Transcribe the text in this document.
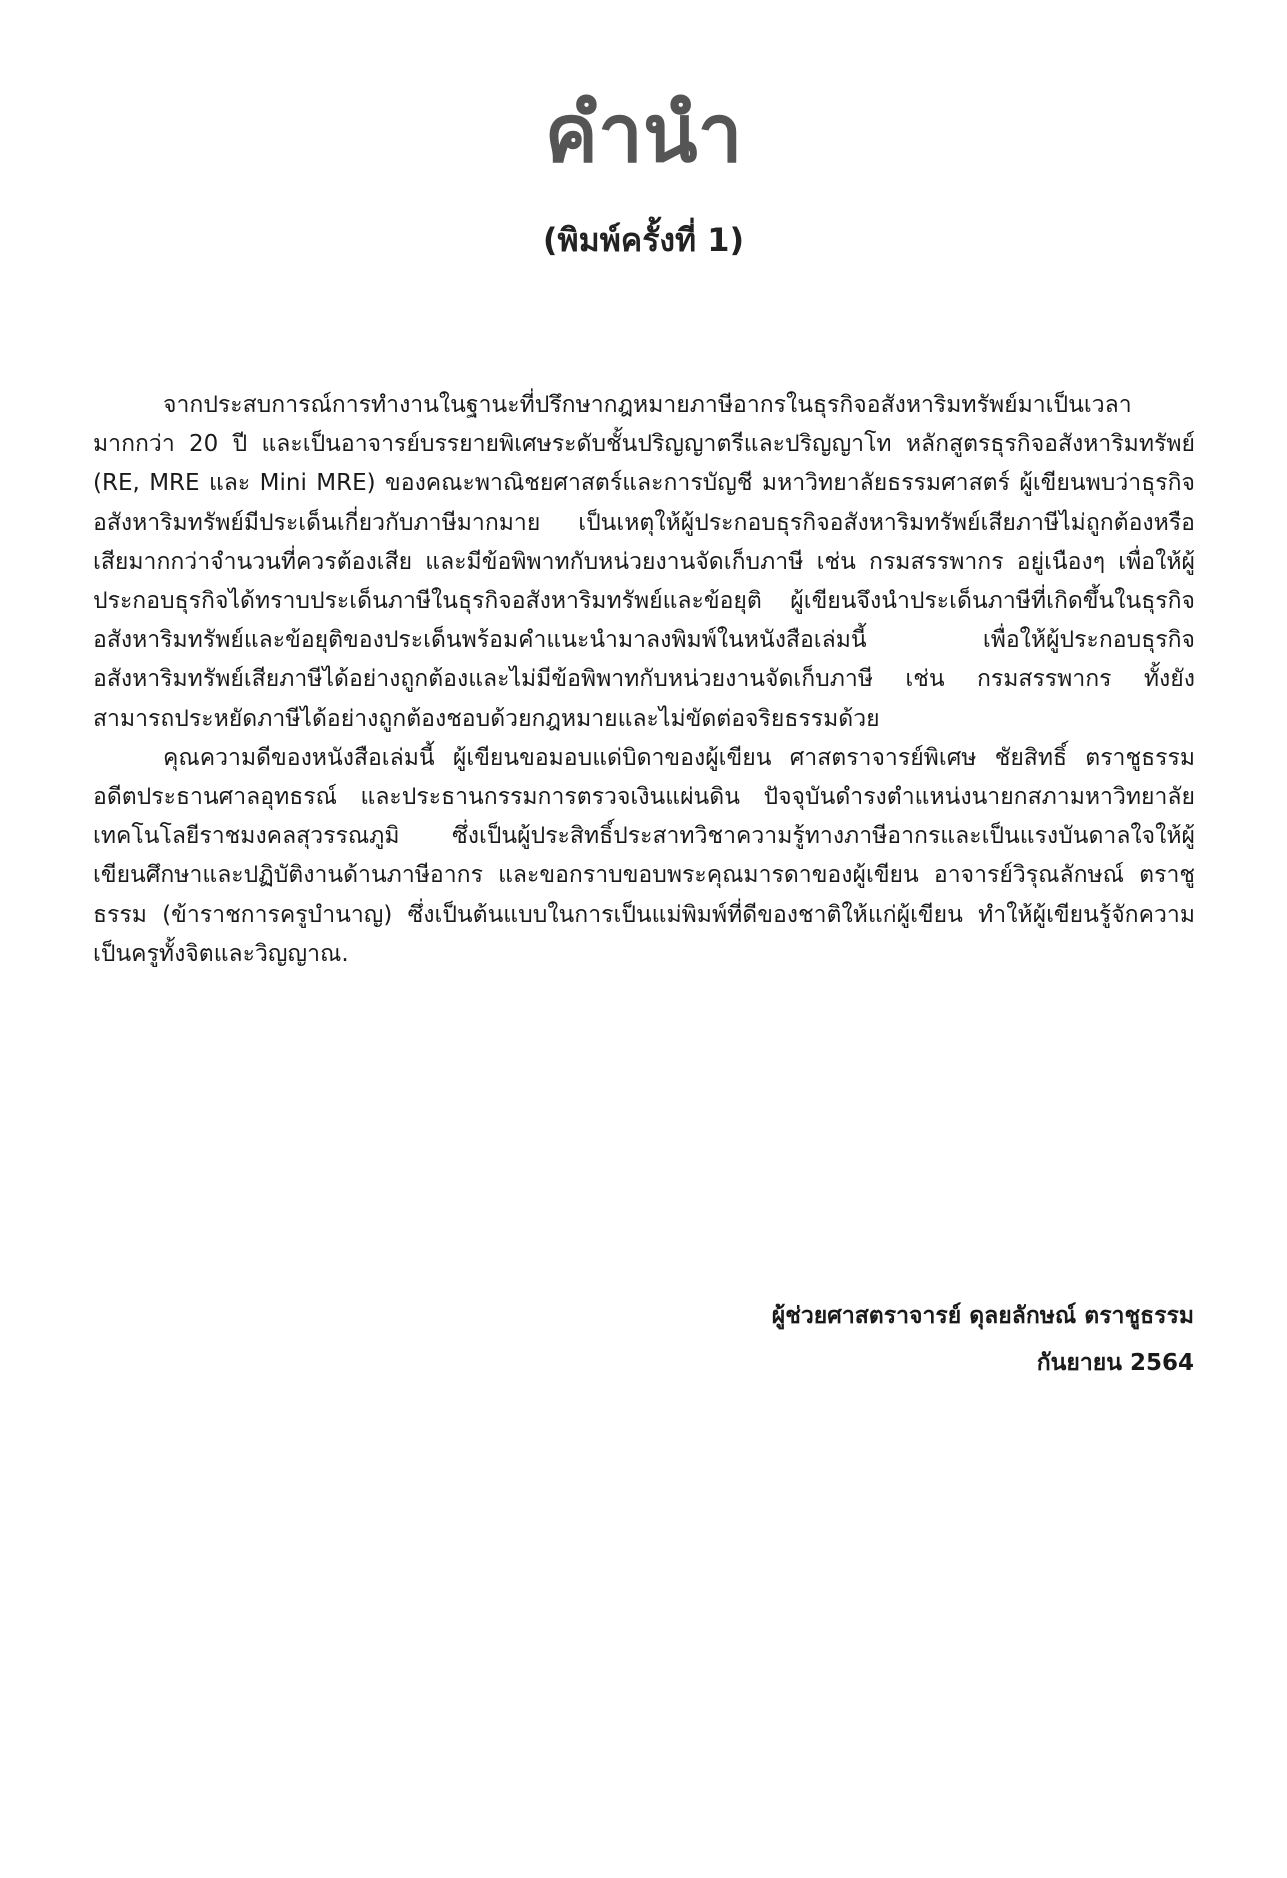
คำนำ
(พิมพ์ครั้งที่ 1)

จากประสบการณ์การทำงานในฐานะที่ปรึกษากฎหมายภาษีอากรในธุรกิจอสังหาริมทรัพย์มาเป็นเวลามากกว่า 20 ปี และเป็นอาจารย์บรรยายพิเศษระดับชั้นปริญญาตรีและปริญญาโท หลักสูตรธุรกิจอสังหาริมทรัพย์ (RE, MRE และ Mini MRE) ของคณะพาณิชยศาสตร์และการบัญชี มหาวิทยาลัยธรรมศาสตร์ ผู้เขียนพบว่าธุรกิจอสังหาริมทรัพย์มีประเด็นเกี่ยวกับภาษีมากมาย เป็นเหตุให้ผู้ประกอบธุรกิจอสังหาริมทรัพย์เสียภาษีไม่ถูกต้องหรือเสียมากกว่าจำนวนที่ควรต้องเสีย และมีข้อพิพาทกับหน่วยงานจัดเก็บภาษี เช่น กรมสรรพากร อยู่เนืองๆ เพื่อให้ผู้ประกอบธุรกิจได้ทราบประเด็นภาษีในธุรกิจอสังหาริมทรัพย์และข้อยุติ ผู้เขียนจึงนำประเด็นภาษีที่เกิดขึ้นในธุรกิจอสังหาริมทรัพย์และข้อยุติของประเด็นพร้อมคำแนะนำมาลงพิมพ์ในหนังสือเล่มนี้ เพื่อให้ผู้ประกอบธุรกิจอสังหาริมทรัพย์เสียภาษีได้อย่างถูกต้องและไม่มีข้อพิพาทกับหน่วยงานจัดเก็บภาษี เช่น กรมสรรพากร ทั้งยังสามารถประหยัดภาษีได้อย่างถูกต้องชอบด้วยกฎหมายและไม่ขัดต่อจริยธรรมด้วย

คุณความดีของหนังสือเล่มนี้ ผู้เขียนขอมอบแด่บิดาของผู้เขียน ศาสตราจารย์พิเศษ ชัยสิทธิ์ ตราชูธรรม อดีตประธานศาลอุทธรณ์ และประธานกรรมการตรวจเงินแผ่นดิน ปัจจุบันดำรงตำแหน่งนายกสภามหาวิทยาลัยเทคโนโลยีราชมงคลสุวรรณภูมิ ซึ่งเป็นผู้ประสิทธิ์ประสาทวิชาความรู้ทางภาษีอากรและเป็นแรงบันดาลใจให้ผู้เขียนศึกษาและปฏิบัติงานด้านภาษีอากร และขอกราบขอบพระคุณมารดาของผู้เขียน อาจารย์วิรุณลักษณ์ ตราชูธรรม (ข้าราชการครูบำนาญ) ซึ่งเป็นต้นแบบในการเป็นแม่พิมพ์ที่ดีของชาติให้แก่ผู้เขียน ทำให้ผู้เขียนรู้จักความเป็นครูทั้งจิตและวิญญาณ.

ผู้ช่วยศาสตราจารย์ ดุลยลักษณ์ ตราชูธรรม
กันยายน 2564
